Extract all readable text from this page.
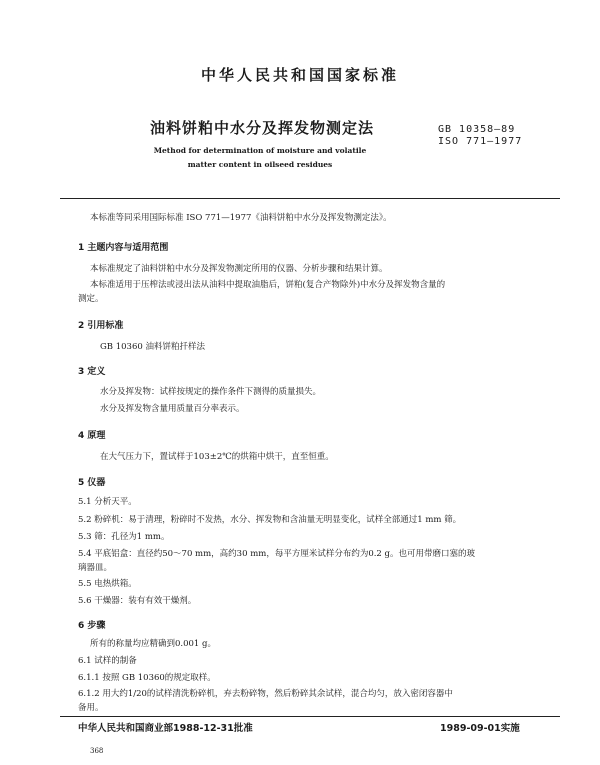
中华人民共和国国家标准
油料饼粕中水分及挥发物测定法	GB 10358—89
ISO 771—1977
Method for determination of moisture and volatile
matter content in oilseed residues
本标准等同采用国际标准 ISO 771—1977《油料饼粕中水分及挥发物测定法》。
1 主题内容与适用范围
本标准规定了油料饼粕中水分及挥发物测定所用的仪器、分析步骤和结果计算。
本标准适用于压榨法或浸出法从油料中提取油脂后，饼粕(复合产物除外)中水分及挥发物含量的
测定。
2 引用标准
GB 10360 油料饼粕扦样法
3 定义
水分及挥发物：试样按规定的操作条件下测得的质量损失。
水分及挥发物含量用质量百分率表示。
4 原理
在大气压力下，置试样于103±2℃的烘箱中烘干，直至恒重。
5 仪器
5.1 分析天平。
5.2 粉碎机：易于清理，粉碎时不发热，水分、挥发物和含油量无明显变化，试样全部通过1 mm 筛。
5.3 筛：孔径为1 mm。
5.4 平底铝盒：直径约50～70 mm，高约30 mm，每平方厘米试样分布约为0.2 g。也可用带磨口塞的玻
璃器皿。
5.5 电热烘箱。
5.6 干燥器：装有有效干燥剂。
6 步骤
所有的称量均应精确到0.001 g。
6.1 试样的制备
6.1.1 按照 GB 10360的规定取样。
6.1.2 用大约1/20的试样清洗粉碎机，弃去粉碎物，然后粉碎其余试样，混合均匀，放入密闭容器中
备用。
中华人民共和国商业部1988-12-31批准	1989-09-01实施
368
